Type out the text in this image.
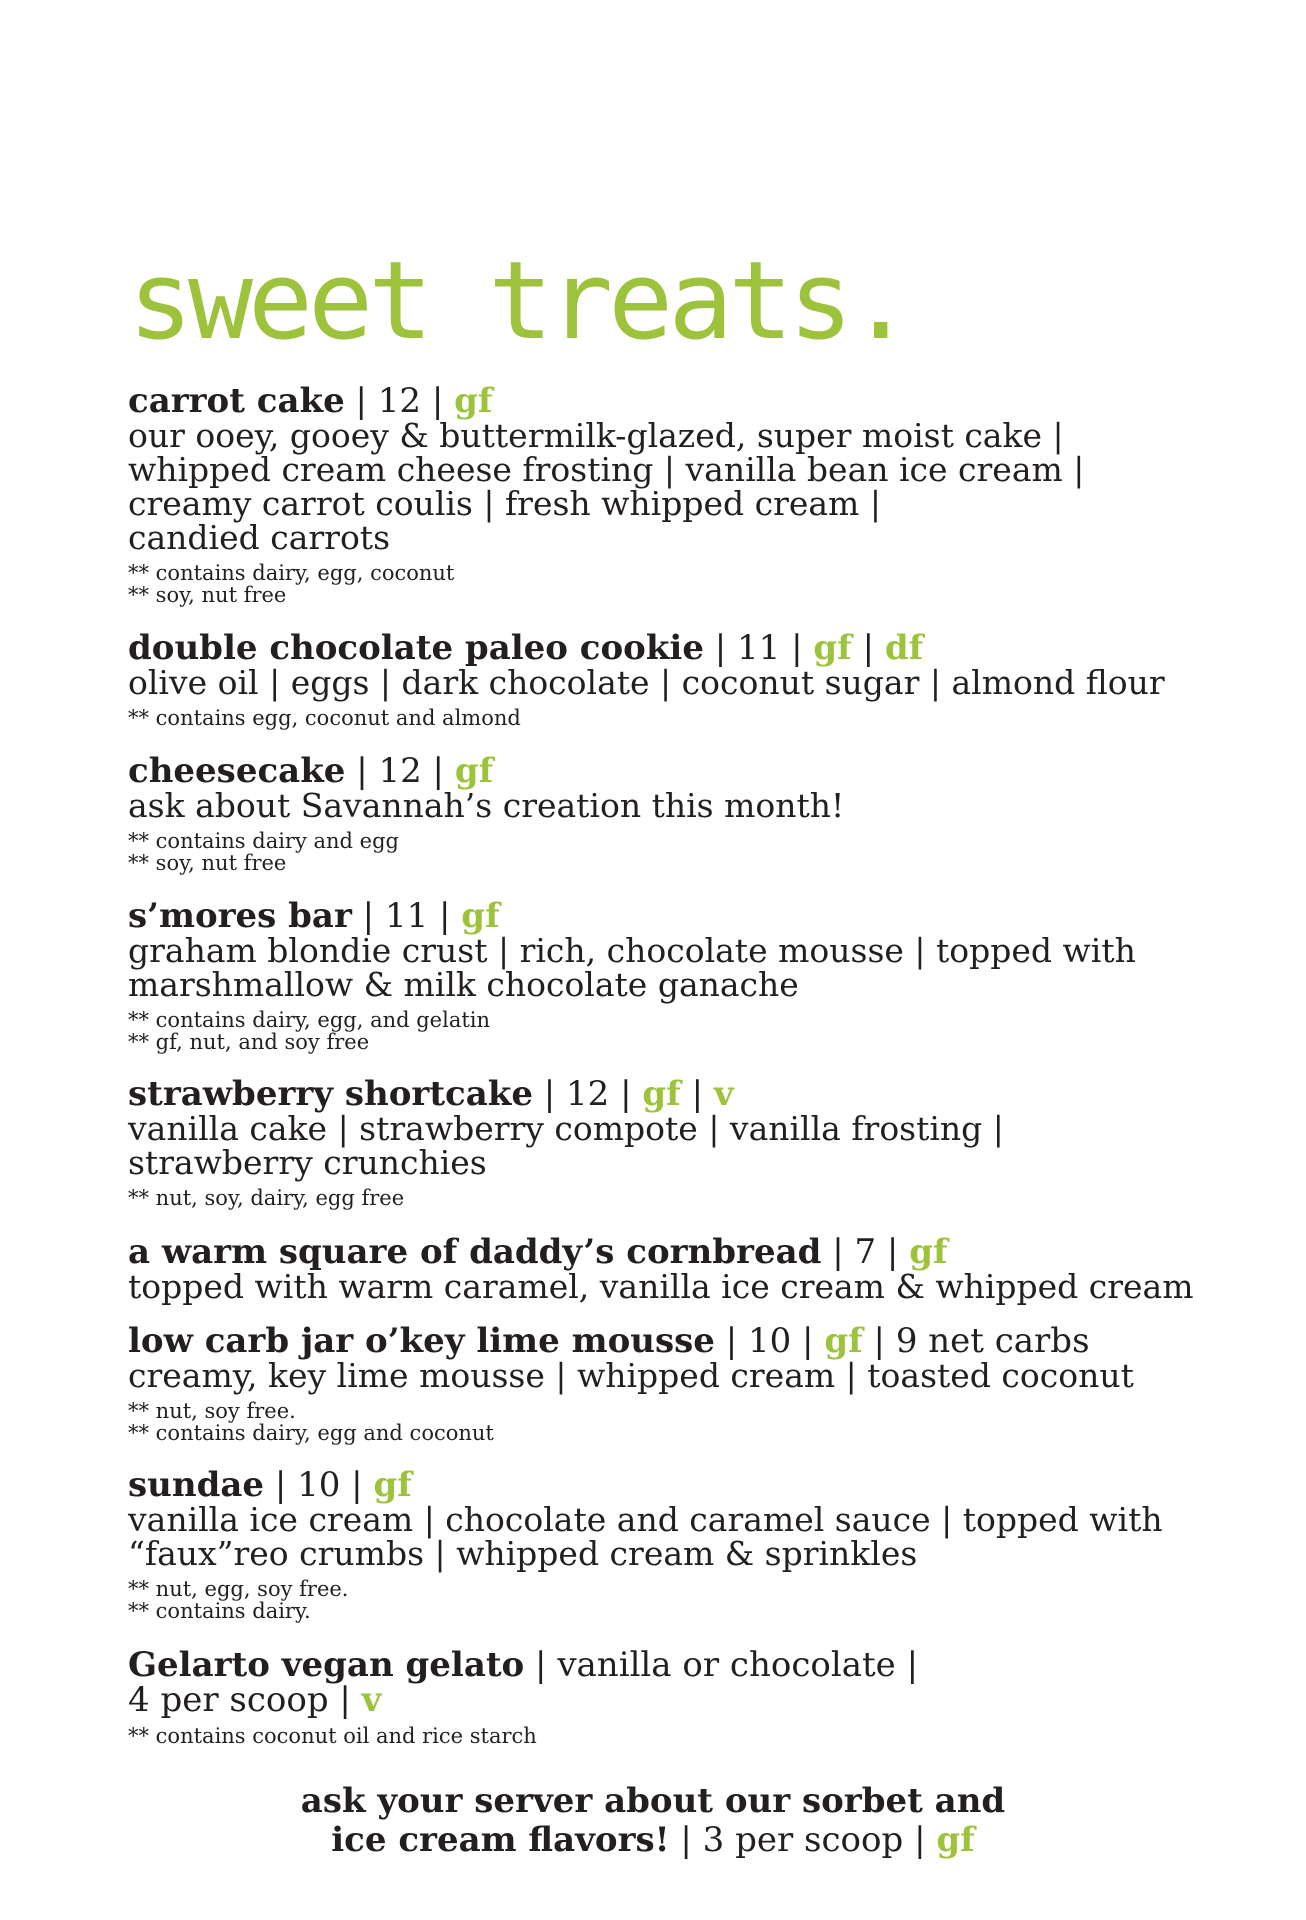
sweet treats.
carrot cake | 12 | gf
our ooey, gooey & buttermilk-glazed, super moist cake |
whipped cream cheese frosting | vanilla bean ice cream |
creamy carrot coulis | fresh whipped cream |
candied carrots
** contains dairy, egg, coconut
** soy, nut free
double chocolate paleo cookie | 11 | gf | df
olive oil | eggs | dark chocolate | coconut sugar | almond flour
** contains egg, coconut and almond
cheesecake | 12 | gf
ask about Savannah’s creation this month!
** contains dairy and egg
** soy, nut free
s’mores bar | 11 | gf
graham blondie crust | rich, chocolate mousse | topped with
marshmallow & milk chocolate ganache
** contains dairy, egg, and gelatin
** gf, nut, and soy free
strawberry shortcake | 12 | gf | v
vanilla cake | strawberry compote | vanilla frosting |
strawberry crunchies
** nut, soy, dairy, egg free
a warm square of daddy’s cornbread | 7 | gf
topped with warm caramel, vanilla ice cream & whipped cream
low carb jar o’key lime mousse | 10 | gf | 9 net carbs
creamy, key lime mousse | whipped cream | toasted coconut
** nut, soy free.
** contains dairy, egg and coconut
sundae | 10 | gf
vanilla ice cream | chocolate and caramel sauce | topped with
“faux”reo crumbs | whipped cream & sprinkles
** nut, egg, soy free.
** contains dairy.
Gelarto vegan gelato | vanilla or chocolate |
4 per scoop | v
** contains coconut oil and rice starch
ask your server about our sorbet and
ice cream flavors! | 3 per scoop | gf
